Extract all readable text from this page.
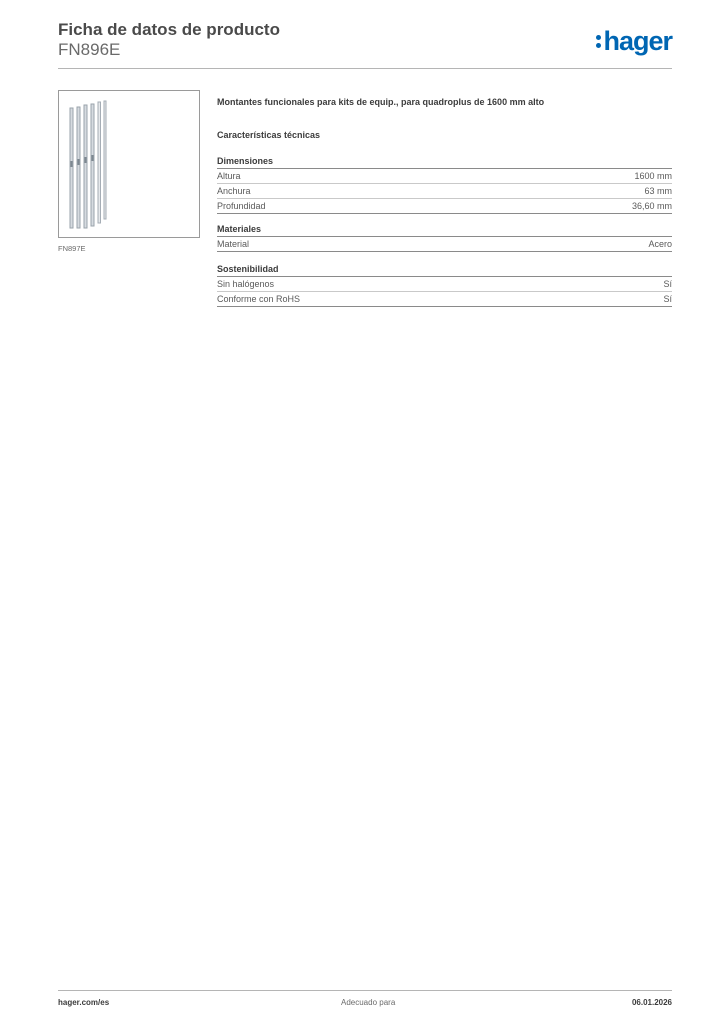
Ficha de datos de producto
FN896E	hager
FN897E

Montantes funcionales para kits de equip., para quadroplus de 1600 mm alto

Características técnicas
Dimensiones
Altura	1600 mm
Anchura	63 mm
Profundidad	36,60 mm
Materiales
Material	Acero
Sostenibilidad
Sin halógenos	Sí
Conforme con RoHS	Sí
hager.com/es	Adecuado para	06.01.2026
